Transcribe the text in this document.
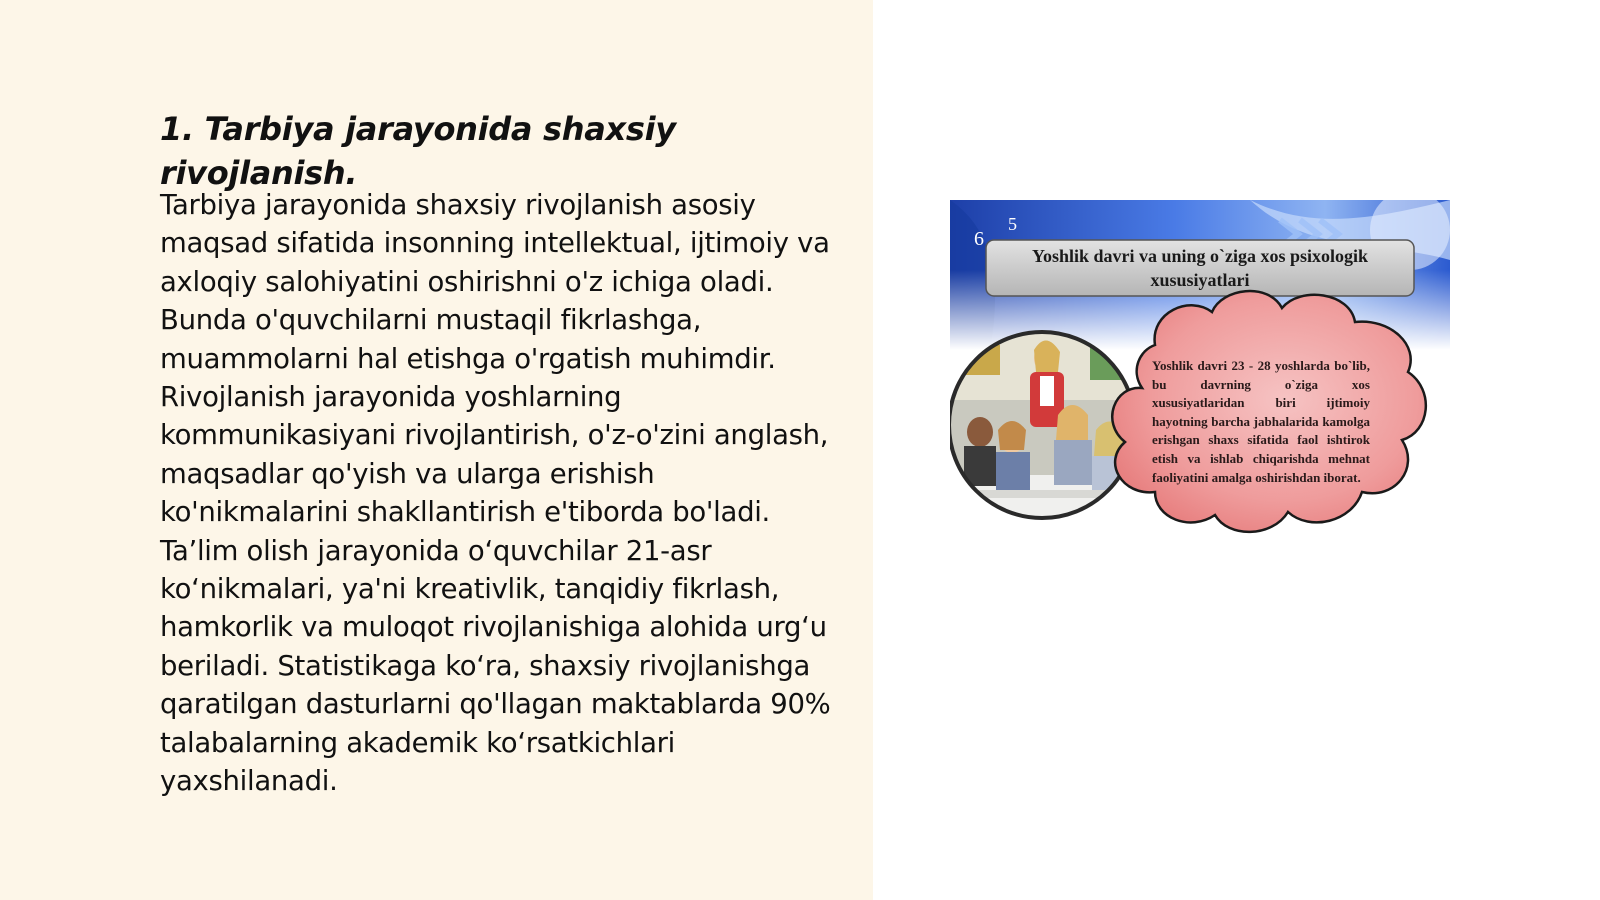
1. Tarbiya jarayonida shaxsiy rivojlanish.

Tarbiya jarayonida shaxsiy rivojlanish asosiy maqsad sifatida insonning intellektual, ijtimoiy va axloqiy salohiyatini oshirishni o'z ichiga oladi. Bunda o'quvchilarni mustaqil fikrlashga, muammolarni hal etishga o'rgatish muhimdir. Rivojlanish jarayonida yoshlarning kommunikasiyani rivojlantirish, o'z-o'zini anglash, maqsadlar qo'yish va ularga erishish ko'nikmalarini shakllantirish e'tiborda bo'ladi. Ta’lim olish jarayonida o‘quvchilar 21-asr ko‘nikmalari, ya'ni kreativlik, tanqidiy fikrlash, hamkorlik va muloqot rivojlanishiga alohida urg‘u beriladi. Statistikaga ko‘ra, shaxsiy rivojlanishga qaratilgan dasturlarni qo'llagan maktablarda 90% talabalarning akademik ko‘rsatkichlari yaxshilanadi.

6
5
Yoshlik davri va uning o`ziga xos psixologik xususiyatlari
Yoshlik davri 23 - 28 yoshlarda bo`lib, bu davrning o`ziga xos xususiyatlaridan biri ijtimoiy hayotning barcha jabhalarida kamolga erishgan shaxs sifatida faol ishtirok etish va ishlab chiqarishda mehnat faoliyatini amalga oshirishdan iborat.
